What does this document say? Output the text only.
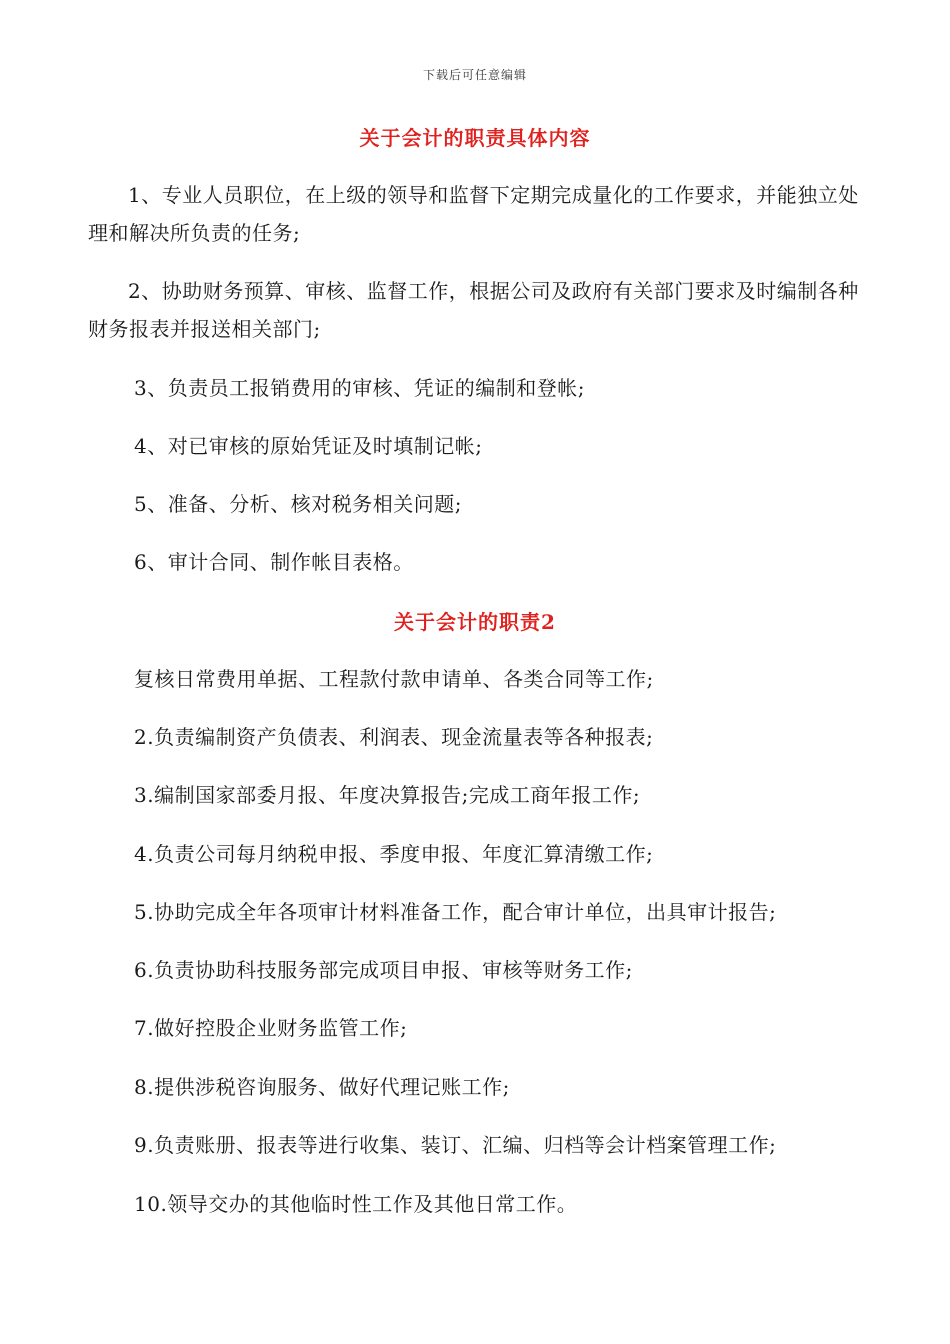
下载后可任意编辑
关于会计的职责具体内容

1、专业人员职位，在上级的领导和监督下定期完成量化的工作要求，并能独立处理和解决所负责的任务;

2、协助财务预算、审核、监督工作，根据公司及政府有关部门要求及时编制各种财务报表并报送相关部门;

3、负责员工报销费用的审核、凭证的编制和登帐;

4、对已审核的原始凭证及时填制记帐;

5、准备、分析、核对税务相关问题;

6、审计合同、制作帐目表格。

关于会计的职责2

复核日常费用单据、工程款付款申请单、各类合同等工作;

2.负责编制资产负债表、利润表、现金流量表等各种报表;

3.编制国家部委月报、年度决算报告;完成工商年报工作;

4.负责公司每月纳税申报、季度申报、年度汇算清缴工作;

5.协助完成全年各项审计材料准备工作，配合审计单位，出具审计报告;

6.负责协助科技服务部完成项目申报、审核等财务工作;

7.做好控股企业财务监管工作;

8.提供涉税咨询服务、做好代理记账工作;

9.负责账册、报表等进行收集、装订、汇编、归档等会计档案管理工作;

10.领导交办的其他临时性工作及其他日常工作。
